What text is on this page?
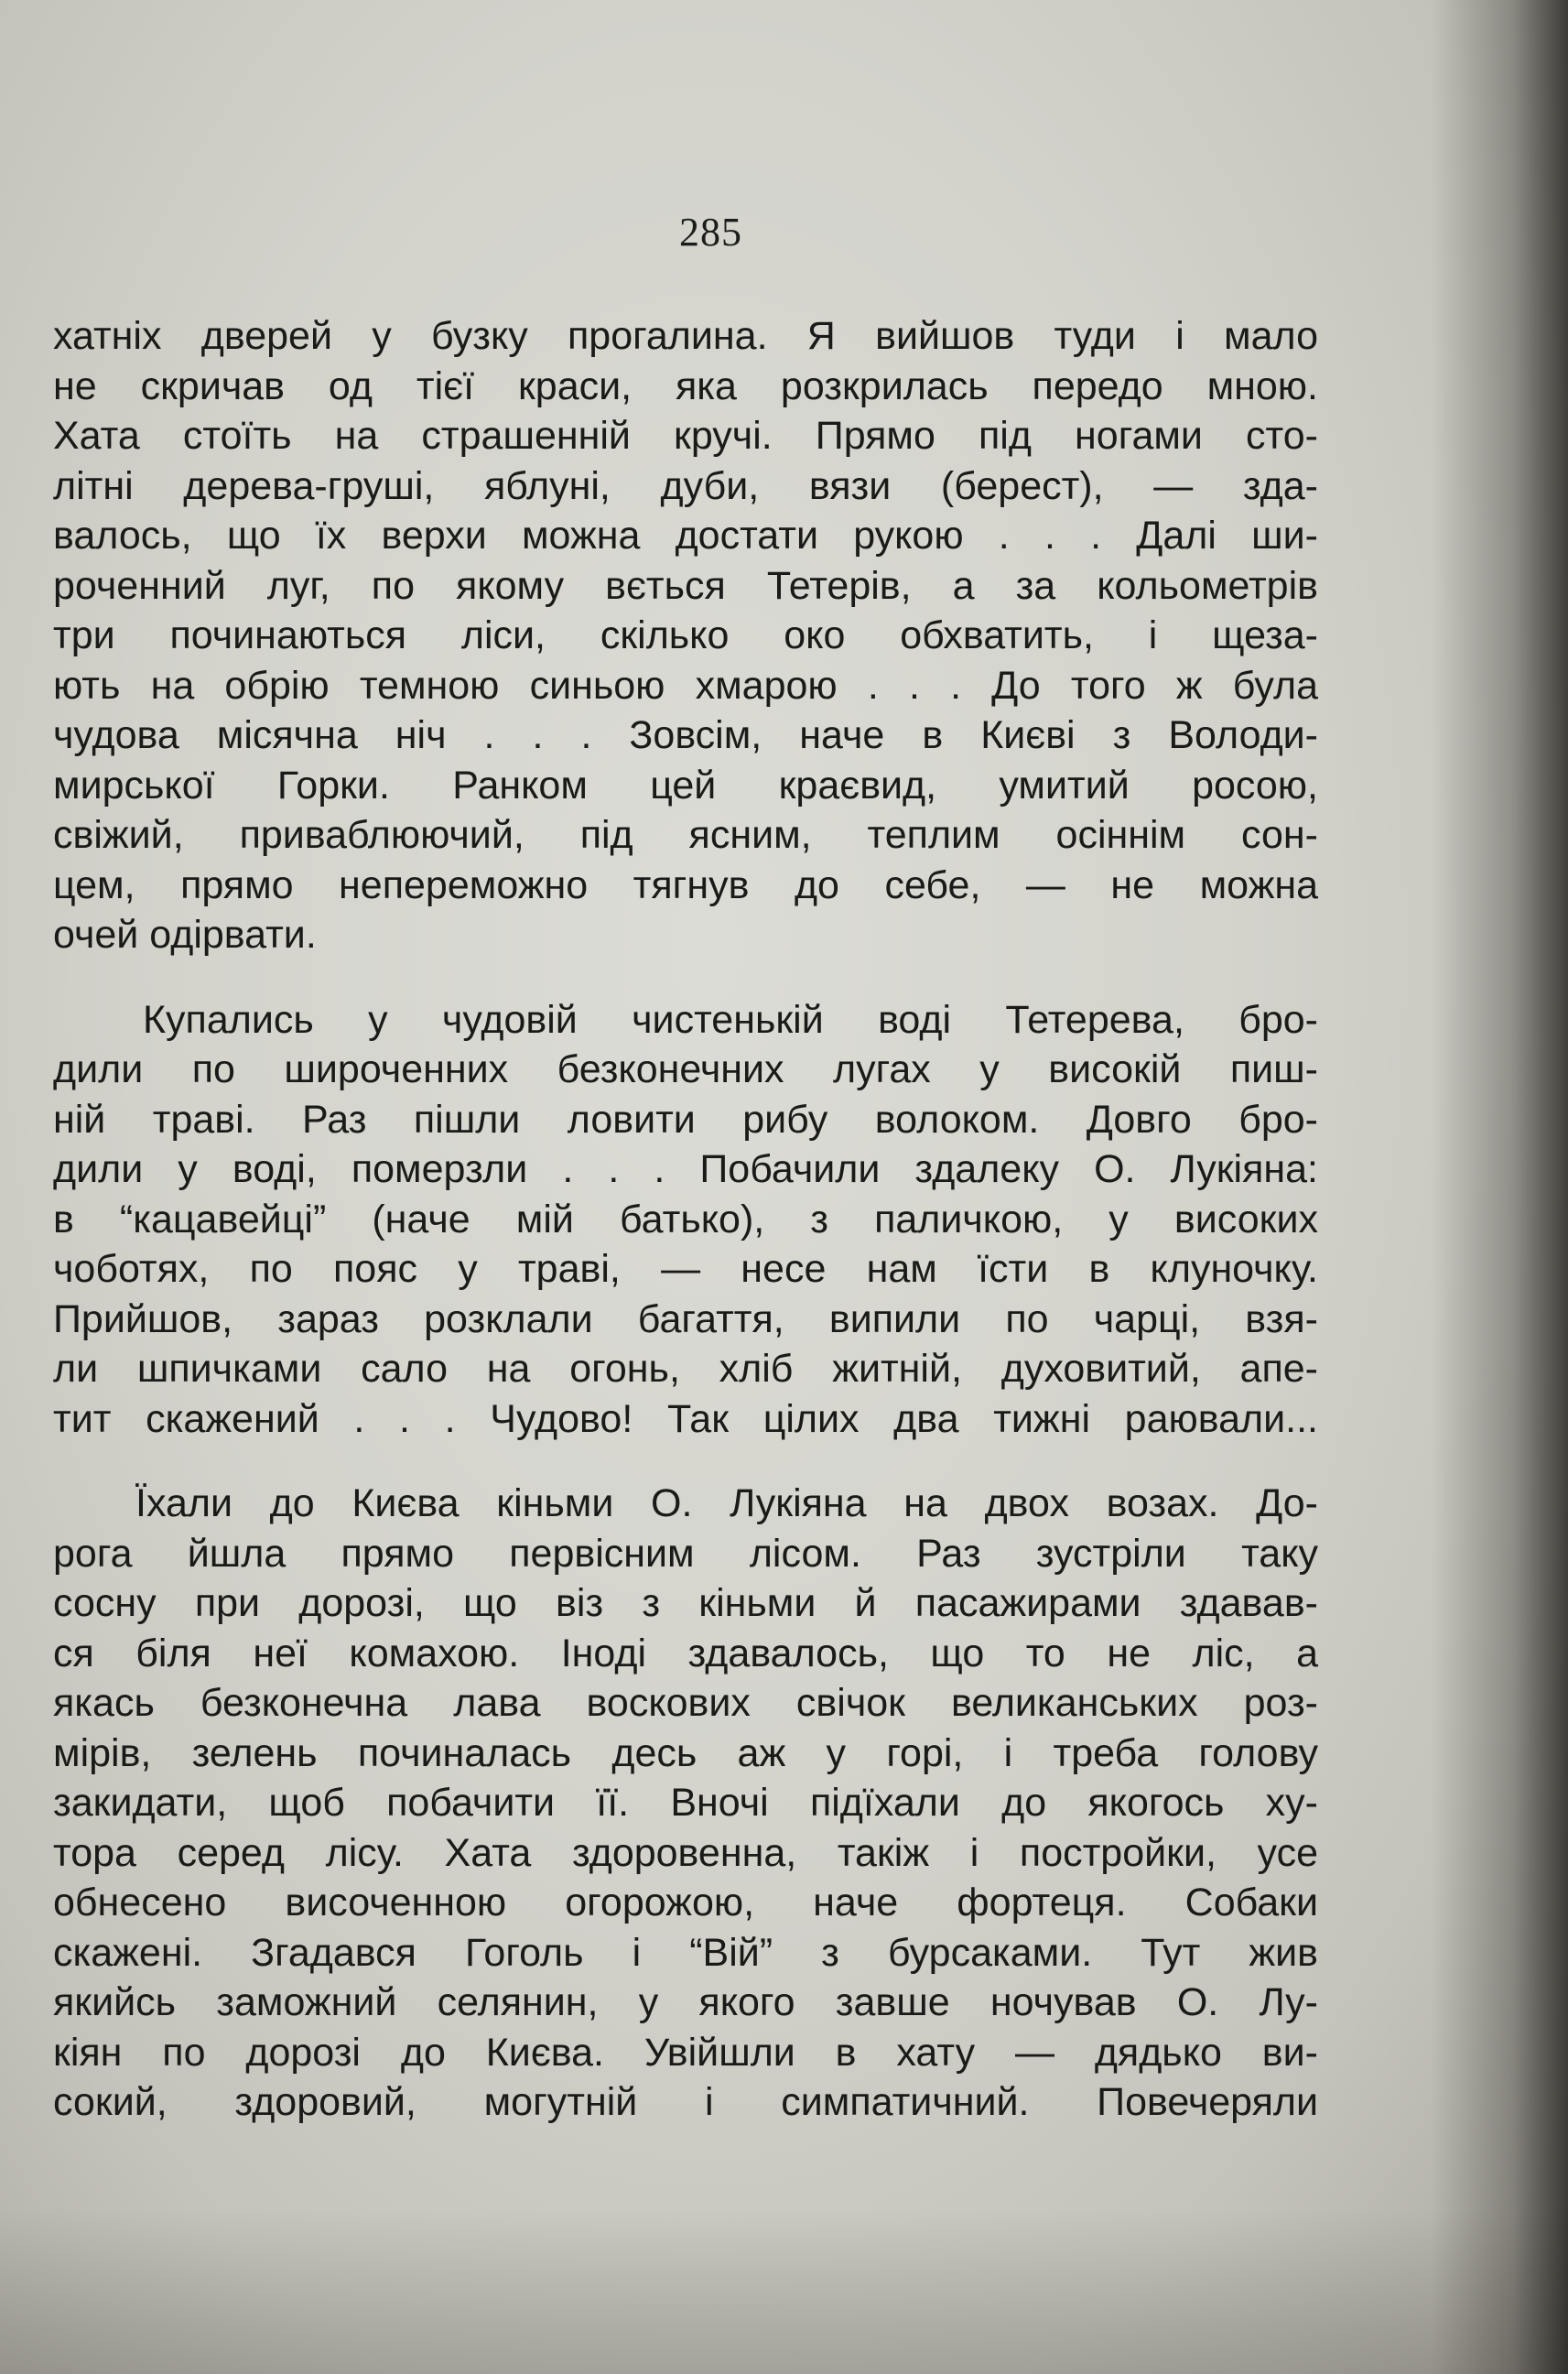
285
хатніх дверей у бузку прогалина. Я вийшов туди і мало
не скричав од тієї краси, яка розкрилась передо мною.
Хата стоїть на страшенній кручі. Прямо під ногами сто-
літні дерева-груші, яблуні, дуби, вязи (берест), — зда-
валось, що їх верхи можна достати рукою . . . Далі ши-
роченний луг, по якому вється Тетерів, а за кольометрів
три починаються ліси, скілько око обхватить, і щеза-
ють на обрію темною синьою хмарою . . . До того ж була
чудова місячна ніч . . . Зовсім, наче в Києві з Володи-
мирської Горки. Ранком цей краєвид, умитий росою,
свіжий, приваблюючий, під ясним, теплим осіннім сон-
цем, прямо непереможно тягнув до себе, — не можна
очей одірвати.
Купались у чудовій чистенькій воді Тетерева, бро-
дили по широченних безконечних лугах у високій пиш-
ній траві. Раз пішли ловити рибу волоком. Довго бро-
дили у воді, померзли . . . Побачили здалеку О. Лукіяна:
в “кацавейці” (наче мій батько), з паличкою, у високих
чоботях, по пояс у траві, — несе нам їсти в клуночку.
Прийшов, зараз розклали багаття, випили по чарці, взя-
ли шпичками сало на огонь, хліб житній, духовитий, апе-
тит скажений . . . Чудово! Так цілих два тижні раювали...
Їхали до Києва кіньми О. Лукіяна на двох возах. До-
рога йшла прямо первісним лісом. Раз зустріли таку
сосну при дорозі, що віз з кіньми й пасажирами здавав-
ся біля неї комахою. Іноді здавалось, що то не ліс, а
якась безконечна лава воскових свічок великанських роз-
мірів, зелень починалась десь аж у горі, і треба голову
закидати, щоб побачити її. Вночі підїхали до якогось ху-
тора серед лісу. Хата здоровенна, такіж і постройки, усе
обнесено височенною огорожою, наче фортеця. Собаки
скажені. Згадався Гоголь і “Вій” з бурсаками. Тут жив
якийсь заможний селянин, у якого завше ночував О. Лу-
кіян по дорозі до Києва. Увійшли в хату — дядько ви-
сокий, здоровий, могутній і симпатичний. Повечеряли
